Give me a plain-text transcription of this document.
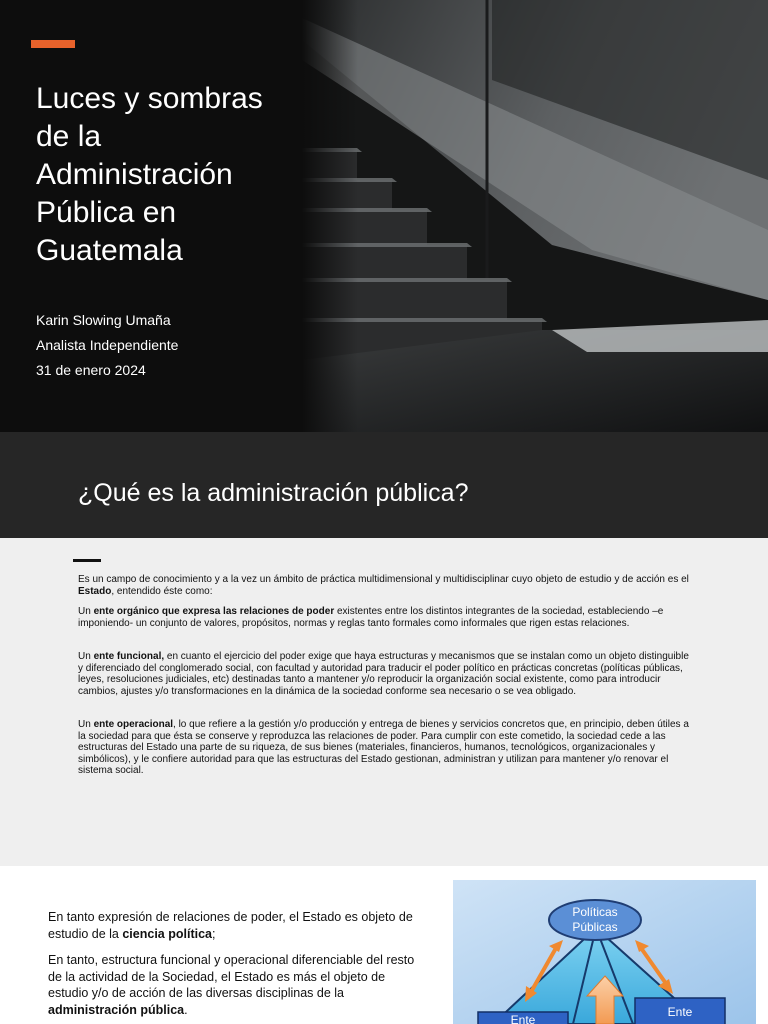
Luces y sombras de la Administración Pública en Guatemala
Karin Slowing Umaña
Analista Independiente
31 de enero 2024
¿Qué es la administración pública?

Es un campo de conocimiento y a la vez un ámbito de práctica multidimensional y multidisciplinar cuyo objeto de estudio y de acción es el Estado, entendido éste como:

Un ente orgánico que expresa las relaciones de poder existentes entre los distintos integrantes de la sociedad, estableciendo –e imponiendo- un conjunto de valores, propósitos, normas y reglas tanto formales como informales que rigen estas relaciones.

Un ente funcional, en cuanto el ejercicio del poder exige que haya estructuras y mecanismos que se instalan como un objeto distinguible y diferenciado del conglomerado social, con facultad y autoridad para traducir el poder político en prácticas concretas (políticas públicas, leyes, resoluciones judiciales, etc) destinadas tanto a mantener y/o reproducir la organización social existente, como para introducir cambios, ajustes y/o transformaciones en la dinámica de la sociedad conforme sea necesario o se vea obligado.

Un ente operacional, lo que refiere a la gestión y/o producción y entrega de bienes y servicios concretos que, en principio, deben útiles a la sociedad para que ésta se conserve y reproduzca las relaciones de poder. Para cumplir con este cometido, la sociedad cede a las estructuras del Estado una parte de su riqueza, de sus bienes (materiales, financieros, humanos, tecnológicos, organizacionales y simbólicos), y le confiere autoridad para que las estructuras del Estado gestionan, administran y utilizan para mantener y/o renovar el sistema social.

En tanto expresión de relaciones de poder, el Estado es objeto de estudio de la ciencia política;

En tanto, estructura funcional y operacional diferenciable del resto de la actividad de la Sociedad, el Estado es más el objeto de estudio y/o de acción de las diversas disciplinas de la administración pública.

Políticas
Públicas
Ente
Ente
